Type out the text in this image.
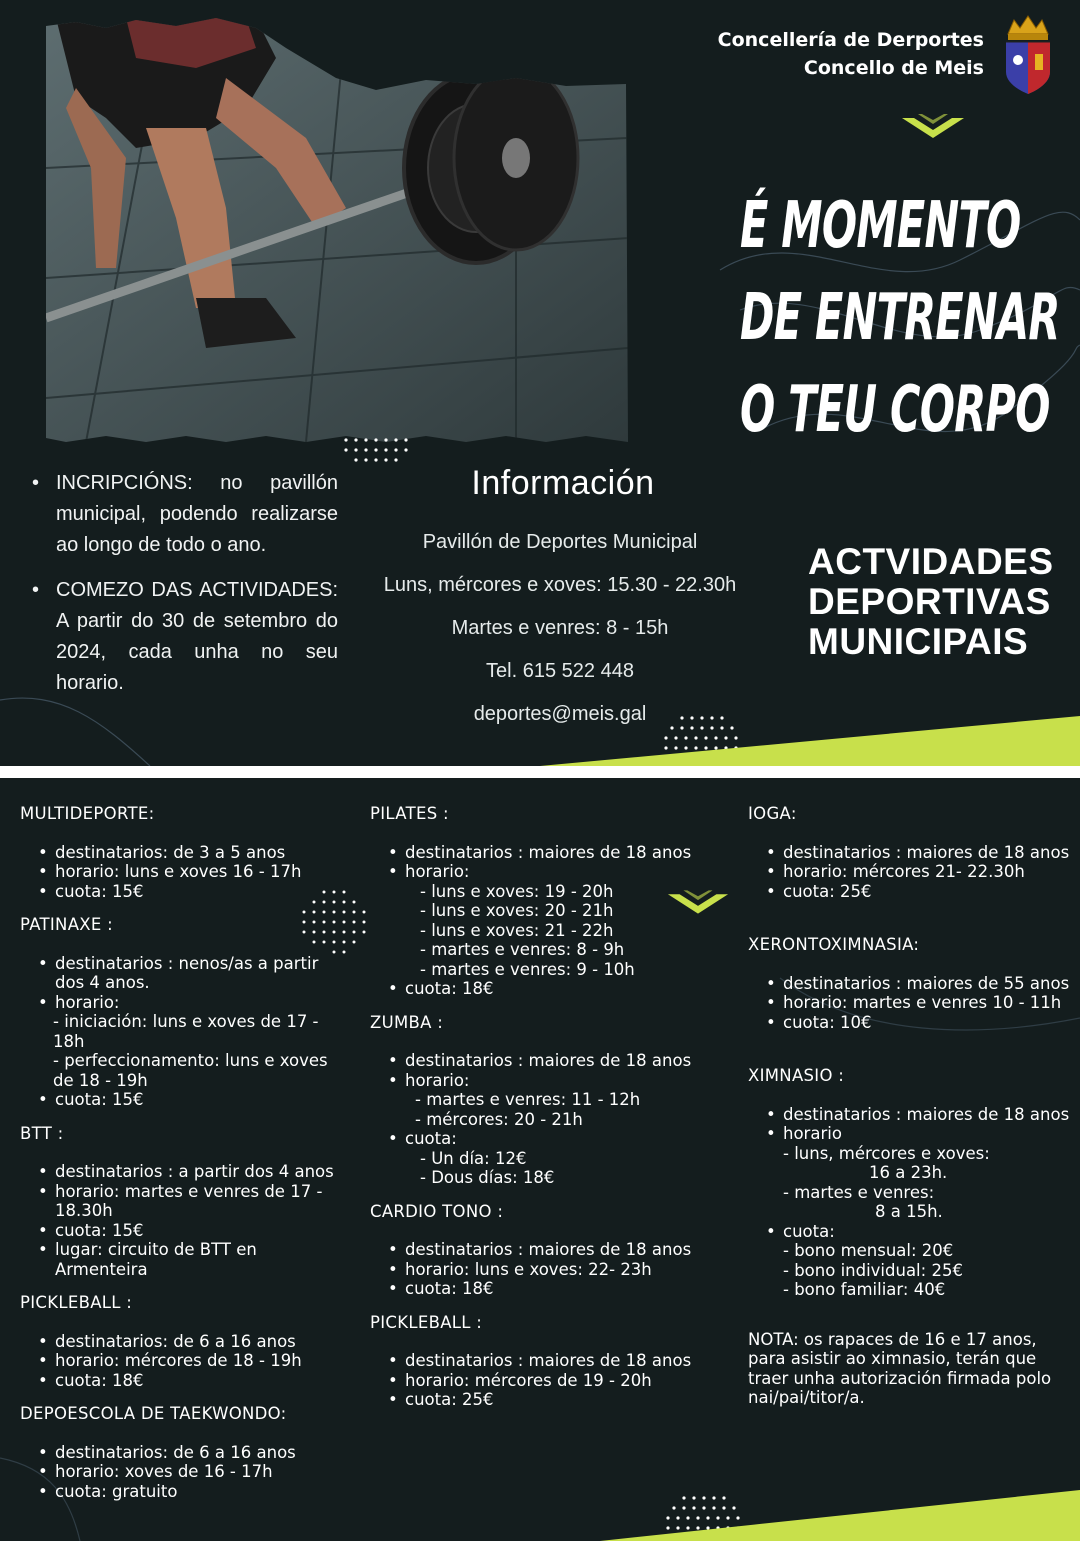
Concellería de Derportes
Concello de Meis
É MOMENTO
DE ENTRENAR
O TEU CORPO
ACTVIDADES
DEPORTIVAS
MUNICIPAIS
• INCRIPCIÓNS: no pavillón municipal, podendo realizarse ao longo de todo o ano.
• COMEZO DAS ACTIVIDADES: A partir do 30 de setembro do 2024, cada unha no seu horario.
Información
Pavillón de Deportes Municipal
Luns, mércores e xoves: 15.30 - 22.30h
Martes e venres: 8 - 15h
Tel. 615 522 448
deportes@meis.gal
MULTIDEPORTE:
• destinatarios: de 3 a 5 anos
• horario: luns e xoves 16 - 17h
• cuota: 15€
PATINAXE :
• destinatarios : nenos/as a partir dos 4 anos.
• horario:
- iniciación: luns e xoves de 17 - 18h
- perfeccionamento: luns e xoves de 18 - 19h
• cuota: 15€
BTT :
• destinatarios : a partir dos 4 anos
• horario: martes e venres de 17 - 18.30h
• cuota: 15€
• lugar: circuito de BTT en Armenteira
PICKLEBALL :
• destinatarios: de 6 a 16 anos
• horario: mércores de 18 - 19h
• cuota: 18€
DEPOESCOLA DE TAEKWONDO:
• destinatarios: de 6 a 16 anos
• horario: xoves de 16 - 17h
• cuota: gratuito
PILATES :
• destinatarios : maiores de 18 anos
• horario:
- luns e xoves: 19 - 20h
- luns e xoves: 20 - 21h
- luns e xoves: 21 - 22h
- martes e venres: 8 - 9h
- martes e venres: 9 - 10h
• cuota: 18€
ZUMBA :
• destinatarios : maiores de 18 anos
• horario:
- martes e venres: 11 - 12h
- mércores: 20 - 21h
• cuota:
- Un día: 12€
- Dous días: 18€
CARDIO TONO :
• destinatarios : maiores de 18 anos
• horario: luns e xoves: 22- 23h
• cuota: 18€
PICKLEBALL :
• destinatarios : maiores de 18 anos
• horario: mércores de 19 - 20h
• cuota: 25€
IOGA:
• destinatarios : maiores de 18 anos
• horario: mércores 21- 22.30h
• cuota: 25€
XERONTOXIMNASIA:
• destinatarios : maiores de 55 anos
• horario: martes e venres 10 - 11h
• cuota: 10€
XIMNASIO :
• destinatarios : maiores de 18 anos
• horario
- luns, mércores e xoves:
16 a 23h.
- martes e venres:
8 a 15h.
• cuota:
- bono mensual: 20€
- bono individual: 25€
- bono familiar: 40€
NOTA: os rapaces de 16 e 17 anos, para asistir ao ximnasio, terán que traer unha autorización firmada polo nai/pai/titor/a.
